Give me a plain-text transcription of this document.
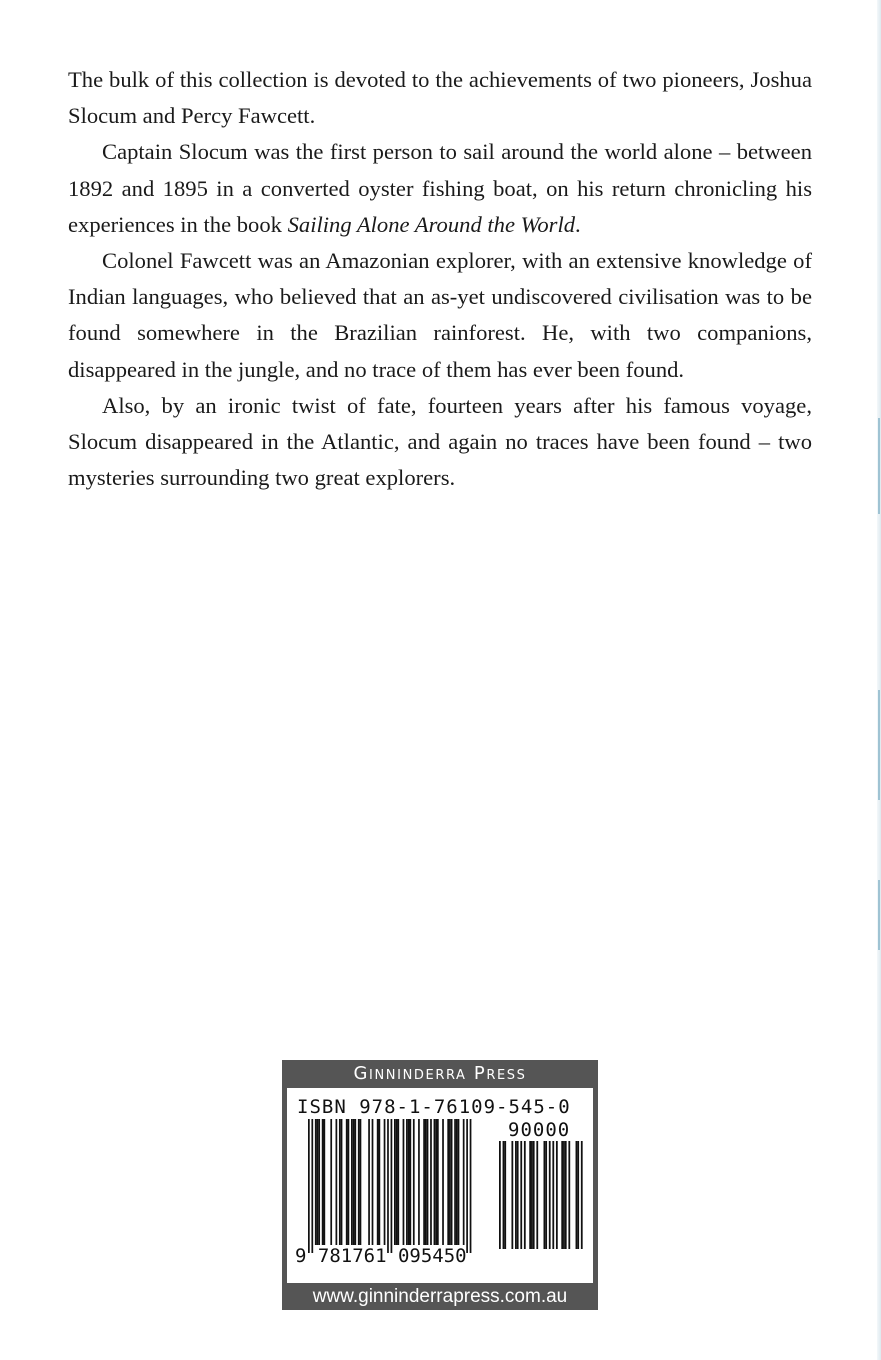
The bulk of this collection is devoted to the achievements of two pioneers, Joshua Slocum and Percy Fawcett.

Captain Slocum was the first person to sail around the world alone – between 1892 and 1895 in a converted oyster fishing boat, on his return chronicling his experiences in the book Sailing Alone Around the World.

Colonel Fawcett was an Amazonian explorer, with an extensive knowledge of Indian languages, who believed that an as-yet undiscovered civilisation was to be found somewhere in the Brazilian rainforest. He, with two companions, disappeared in the jungle, and no trace of them has ever been found.

Also, by an ironic twist of fate, fourteen years after his famous voyage, Slocum disappeared in the Atlantic, and again no traces have been found – two mysteries surrounding two great explorers.

Ginninderra Press
ISBN 978-1-76109-545-0
90000
9 781761 095450
www.ginninderrapress.com.au
